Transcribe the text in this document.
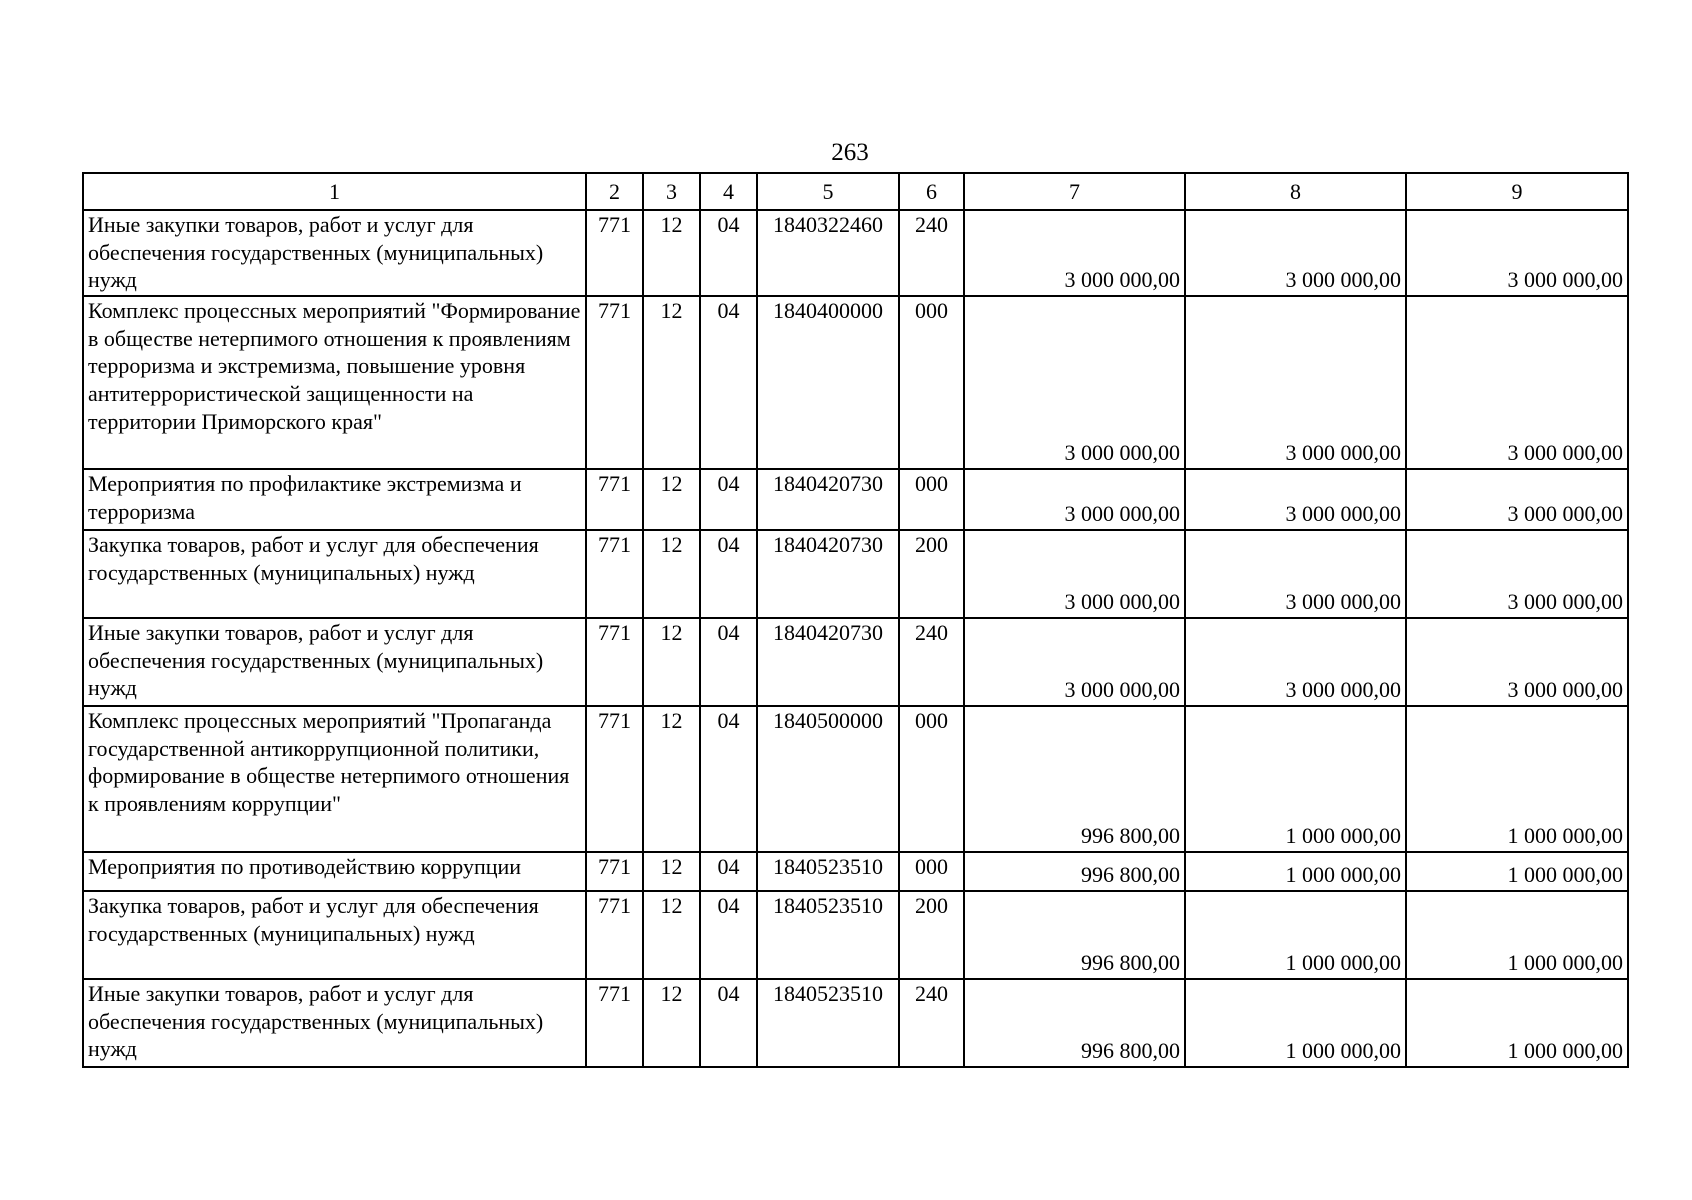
263
1	2	3	4	5	6	7	8	9
Иные закупки товаров, работ и услуг для обеспечения государственных (муниципальных) нужд	771	12	04	1840322460	240	3 000 000,00	3 000 000,00	3 000 000,00
Комплекс процессных мероприятий "Формирование в обществе нетерпимого отношения к проявлениям терроризма и экстремизма, повышение уровня антитеррористической защищенности на территории Приморского края"	771	12	04	1840400000	000	3 000 000,00	3 000 000,00	3 000 000,00
Мероприятия по профилактике экстремизма и терроризма	771	12	04	1840420730	000	3 000 000,00	3 000 000,00	3 000 000,00
Закупка товаров, работ и услуг для обеспечения государственных (муниципальных) нужд	771	12	04	1840420730	200	3 000 000,00	3 000 000,00	3 000 000,00
Иные закупки товаров, работ и услуг для обеспечения государственных (муниципальных) нужд	771	12	04	1840420730	240	3 000 000,00	3 000 000,00	3 000 000,00
Комплекс процессных мероприятий "Пропаганда государственной антикоррупционной политики, формирование в обществе нетерпимого отношения к проявлениям коррупции"	771	12	04	1840500000	000	996 800,00	1 000 000,00	1 000 000,00
Мероприятия по противодействию коррупции	771	12	04	1840523510	000	996 800,00	1 000 000,00	1 000 000,00
Закупка товаров, работ и услуг для обеспечения государственных (муниципальных) нужд	771	12	04	1840523510	200	996 800,00	1 000 000,00	1 000 000,00
Иные закупки товаров, работ и услуг для обеспечения государственных (муниципальных) нужд	771	12	04	1840523510	240	996 800,00	1 000 000,00	1 000 000,00
